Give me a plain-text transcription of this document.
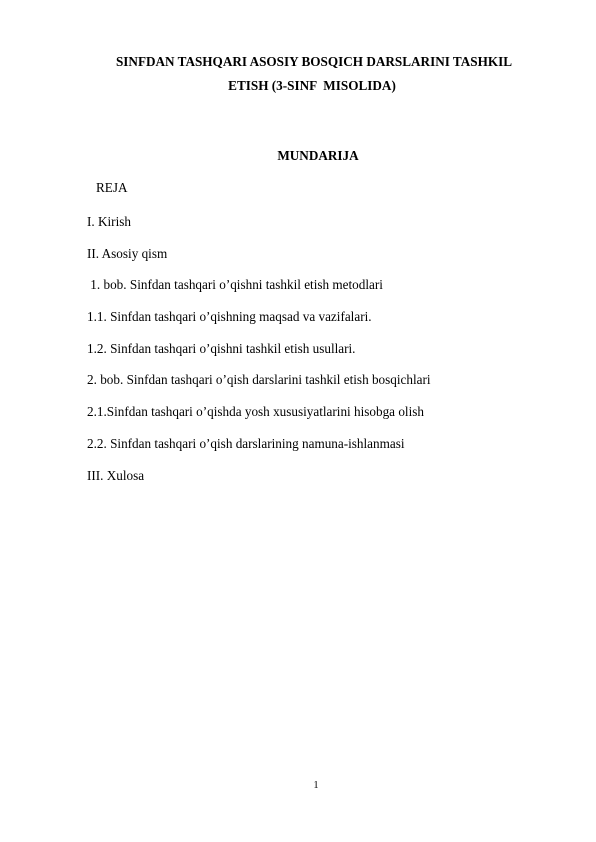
SINFDAN TASHQARI ASOSIY BOSQICH DARSLARINI TASHKIL
ETISH (3-SINF  MISOLIDA)
MUNDARIJA
REJA
I. Kirish
II. Asosiy qism
1. bob. Sinfdan tashqari o’qishni tashkil etish metodlari
1.1. Sinfdan tashqari o’qishning maqsad va vazifalari.
1.2. Sinfdan tashqari o’qishni tashkil etish usullari.
2. bob. Sinfdan tashqari o’qish darslarini tashkil etish bosqichlari
2.1.Sinfdan tashqari o’qishda yosh xususiyatlarini hisobga olish
2.2. Sinfdan tashqari o’qish darslarining namuna-ishlanmasi
III. Xulosa
1
